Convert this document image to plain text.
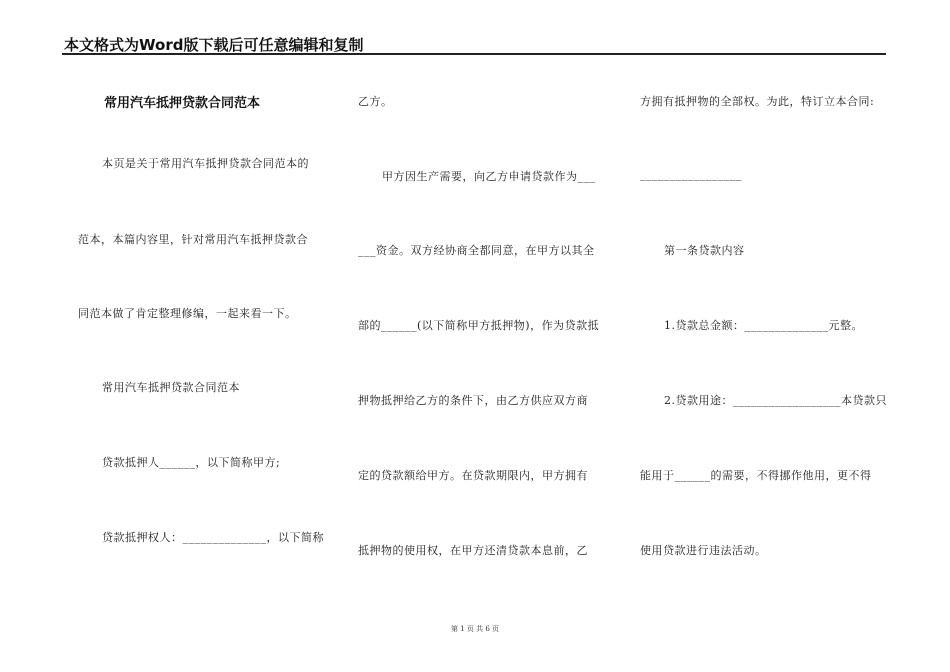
本文格式为Word版下载后可任意编辑和复制
常用汽车抵押贷款合同范本
本页是关于常用汽车抵押贷款合同范本的
范本，本篇内容里，针对常用汽车抵押贷款合
同范本做了肯定整理修编，一起来看一下。
常用汽车抵押贷款合同范本
贷款抵押人______，以下简称甲方;
贷款抵押权人：______________，以下简称
乙方。
甲方因生产需要，向乙方申请贷款作为___
___资金。双方经协商全都同意，在甲方以其全
部的______(以下简称甲方抵押物)，作为贷款抵
押物抵押给乙方的条件下，由乙方供应双方商
定的贷款额给甲方。在贷款期限内，甲方拥有
抵押物的使用权，在甲方还清贷款本息前，乙
方拥有抵押物的全部权。为此，特订立本合同:
_________________
第一条贷款内容
1.贷款总金额：______________元整。
2.贷款用途：__________________本贷款只
能用于______的需要，不得挪作他用，更不得
使用贷款进行违法活动。
第 1 页 共 6 页
